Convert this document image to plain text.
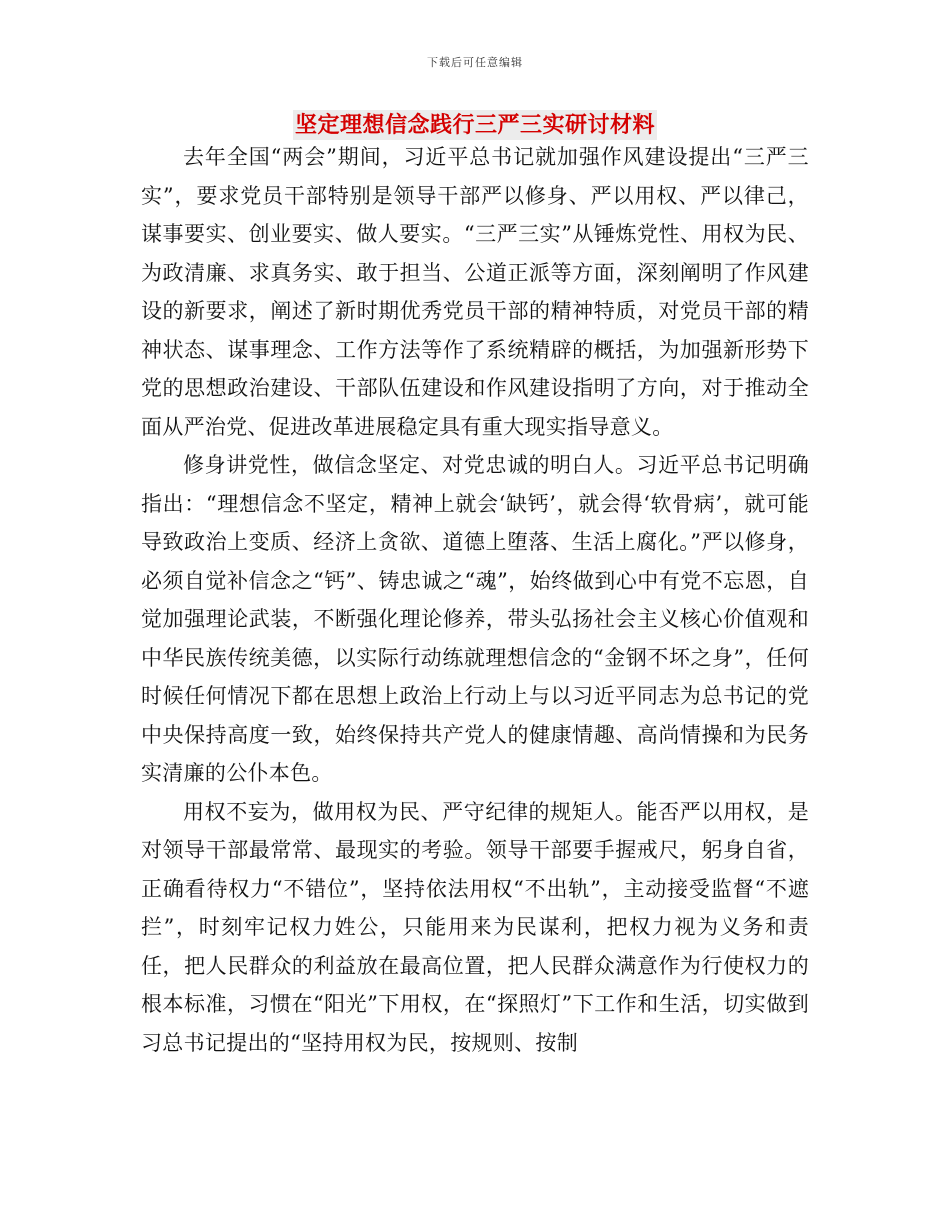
下载后可任意编辑
坚定理想信念践行三严三实研讨材料

去年全国“两会”期间，习近平总书记就加强作风建设提出“三严三实”，要求党员干部特别是领导干部严以修身、严以用权、严以律己，谋事要实、创业要实、做人要实。“三严三实”从锤炼党性、用权为民、为政清廉、求真务实、敢于担当、公道正派等方面，深刻阐明了作风建设的新要求，阐述了新时期优秀党员干部的精神特质，对党员干部的精神状态、谋事理念、工作方法等作了系统精辟的概括，为加强新形势下党的思想政治建设、干部队伍建设和作风建设指明了方向，对于推动全面从严治党、促进改革进展稳定具有重大现实指导意义。

修身讲党性，做信念坚定、对党忠诚的明白人。习近平总书记明确指出：“理想信念不坚定，精神上就会‘缺钙’，就会得‘软骨病’，就可能导致政治上变质、经济上贪欲、道德上堕落、生活上腐化。”严以修身，必须自觉补信念之“钙”、铸忠诚之“魂”，始终做到心中有党不忘恩，自觉加强理论武装，不断强化理论修养，带头弘扬社会主义核心价值观和中华民族传统美德，以实际行动练就理想信念的“金钢不坏之身”，任何时候任何情况下都在思想上政治上行动上与以习近平同志为总书记的党中央保持高度一致，始终保持共产党人的健康情趣、高尚情操和为民务实清廉的公仆本色。

用权不妄为，做用权为民、严守纪律的规矩人。能否严以用权，是对领导干部最常常、最现实的考验。领导干部要手握戒尺，躬身自省，正确看待权力“不错位”，坚持依法用权“不出轨”，主动接受监督“不遮拦”，时刻牢记权力姓公，只能用来为民谋利，把权力视为义务和责任，把人民群众的利益放在最高位置，把人民群众满意作为行使权力的根本标准，习惯在“阳光”下用权，在“探照灯”下工作和生活，切实做到习总书记提出的“坚持用权为民，按规则、按制
